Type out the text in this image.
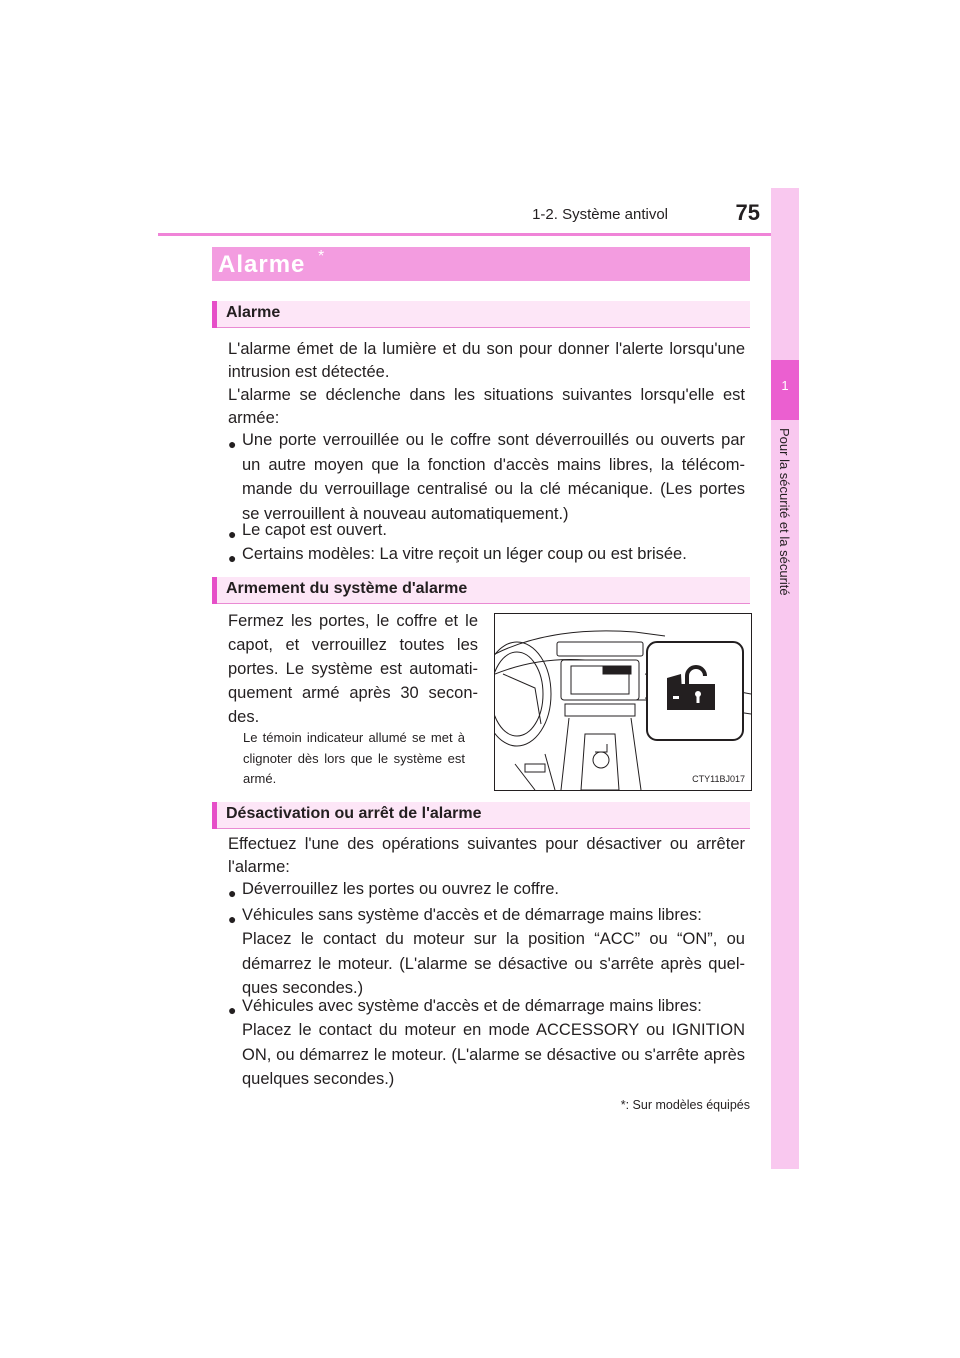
1-2. Système antivol	75
1
Pour la sécurité et la sécurité
Alarme *
Alarme
L'alarme émet de la lumière et du son pour donner l'alerte lorsqu'une intrusion est détectée.
L'alarme se déclenche dans les situations suivantes lorsqu'elle est armée:
● Une porte verrouillée ou le coffre sont déverrouillés ou ouverts par un autre moyen que la fonction d'accès mains libres, la télécom-mande du verrouillage centralisé ou la clé mécanique. (Les portes se verrouillent à nouveau automatiquement.)
● Le capot est ouvert.
● Certains modèles: La vitre reçoit un léger coup ou est brisée.
Armement du système d'alarme
Fermez les portes, le coffre et le capot, et verrouillez toutes les portes. Le système est automati-quement armé après 30 secon-des.
Le témoin indicateur allumé se met à clignoter dès lors que le système est armé.	CTY11BJ017
Désactivation ou arrêt de l'alarme
Effectuez l'une des opérations suivantes pour désactiver ou arrêter l'alarme:
● Déverrouillez les portes ou ouvrez le coffre.
● Véhicules sans système d'accès et de démarrage mains libres:
Placez le contact du moteur sur la position “ACC” ou “ON”, ou démarrez le moteur. (L'alarme se désactive ou s'arrête après quel-ques secondes.)
● Véhicules avec système d'accès et de démarrage mains libres:
Placez le contact du moteur en mode ACCESSORY ou IGNITION ON, ou démarrez le moteur. (L'alarme se désactive ou s'arrête après quelques secondes.)
*: Sur modèles équipés
